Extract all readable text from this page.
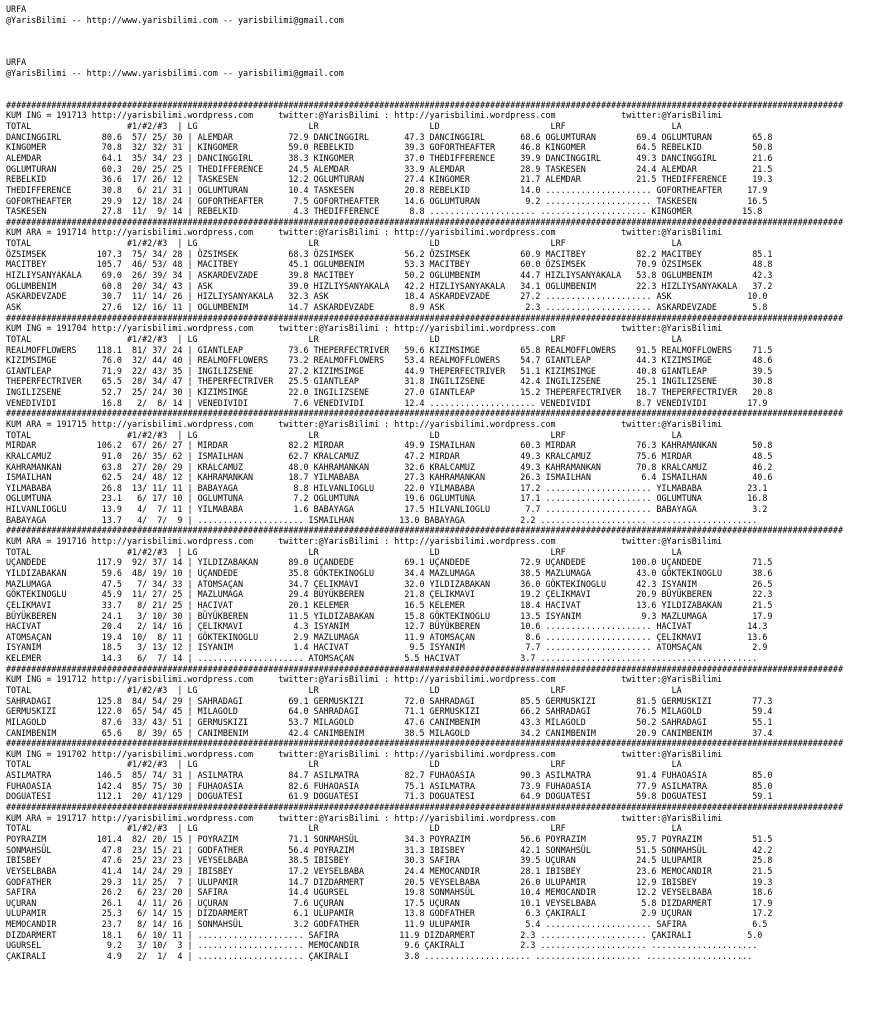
URFA
@YarisBilimi -- http://www.yarisbilimi.com -- yarisbilimi@gmail.com

URFA
@YarisBilimi -- http://www.yarisbilimi.com -- yarisbilimi@gmail.com

######################################################################################################################################################################
KUM ING = 191713 http://yarisbilimi.wordpress.com     twitter:@YarisBilimi : http://yarisbilimi.wordpress.com             twitter:@YarisBilimi
TOTAL                   #1/#2/#3  | LG                      LR                      LD                      LRF                     LA
DANCINGGIRL        80.6  57/ 25/ 30 | ALEMDAR           72.9 DANCINGGIRL       47.3 DANCINGGIRL       68.6 OGLUMTURAN        69.4 OGLUMTURAN        65.8
KINGOMER           70.8  32/ 32/ 31 | KINGOMER          59.0 REBELKID          39.3 GOFORTHEAFTER     46.8 KINGOMER          64.5 REBELKID          50.8
ALEMDAR            64.1  35/ 34/ 23 | DANCINGGIRL       38.3 KINGOMER          37.0 THEDIFFERENCE     39.9 DANCINGGIRL       49.3 DANCINGGIRL       21.6
OGLUMTURAN         60.3  20/ 25/ 25 | THEDIFFERENCE     24.5 ALEMDAR           33.9 ALEMDAR           28.9 TASKESEN          24.4 ALEMDAR           21.5
REBELKID           36.6  17/ 26/ 12 | TASKESEN          12.2 OGLUMTURAN        27.4 KINGOMER          21.7 ALEMDAR           21.5 THEDIFFERENCE     19.3
THEDIFFERENCE      30.8   6/ 21/ 31 | OGLUMTURAN        10.4 TASKESEN          20.8 REBELKID          14.0 ..................... GOFORTHEAFTER     17.9
GOFORTHEAFTER      29.9  12/ 18/ 24 | GOFORTHEAFTER      7.5 GOFORTHEAFTER     14.6 OGLUMTURAN         9.2 ..................... TASKESEN          16.5
TASKESEN           27.8  11/  9/ 14 | REBELKID           4.3 THEDIFFERENCE      8.8 ..................... ..................... KINGOMER          15.8
######################################################################################################################################################################
KUM ARA = 191714 http://yarisbilimi.wordpress.com     twitter:@YarisBilimi : http://yarisbilimi.wordpress.com             twitter:@YarisBilimi
TOTAL                   #1/#2/#3  | LG                      LR                      LD                      LRF                     LA
ÖZSIMSEK          107.3  75/ 34/ 28 | ÖZSIMSEK          68.3 ÖZSIMSEK          56.2 ÖZSIMSEK          60.9 MACITBEY          82.2 MACITBEY          85.1
MACITBEY          105.7  46/ 53/ 48 | MACITBEY          45.1 OGLUMBENIM        53.3 MACITBEY          60.0 ÖZSIMSEK          70.9 ÖZSIMSEK          48.8
HIZLIYSANYAKALA    69.0  26/ 39/ 34 | ASKARDEVZADE      39.8 MACITBEY          50.2 OGLUMBENIM        44.7 HIZLIYSANYAKALA   53.8 OGLUMBENIM        42.3
OGLUMBENIM         60.8  20/ 34/ 43 | ASK               39.0 HIZLIYSANYAKALA   42.2 HIZLIYSANYAKALA   34.1 OGLUMBENIM        22.3 HIZLIYSANYAKALA   37.2
ASKARDEVZADE       30.7  11/ 14/ 26 | HIZLIYSANYAKALA   32.3 ASK               18.4 ASKARDEVZADE      27.2 ..................... ASK               10.0
ASK                27.6  12/ 16/ 11 | OGLUMBENIM        14.7 ASKARDEVZADE       8.9 ASK                2.3 ..................... ASKARDEVZADE       5.8
######################################################################################################################################################################
KUM ING = 191704 http://yarisbilimi.wordpress.com     twitter:@YarisBilimi : http://yarisbilimi.wordpress.com             twitter:@YarisBilimi
TOTAL                   #1/#2/#3  | LG                      LR                      LD                      LRF                     LA
REALMOFFLOWERS    118.1  81/ 37/ 24 | GIANTLEAP         73.6 THEPERFECTRIVER   59.6 KIZIMSIMGE        65.8 REALMOFFLOWERS    91.5 REALMOFFLOWERS    71.5
KIZIMSIMGE         76.0  32/ 44/ 40 | REALMOFFLOWERS    73.2 REALMOFFLOWERS    53.4 REALMOFFLOWERS    54.7 GIANTLEAP         44.3 KIZIMSIMGE        48.6
GIANTLEAP          71.9  22/ 43/ 35 | INGILIZSENE       27.2 KIZIMSIMGE        44.9 THEPERFECTRIVER   51.1 KIZIMSIMGE        40.8 GIANTLEAP         39.5
THEPERFECTRIVER    65.5  28/ 34/ 47 | THEPERFECTRIVER   25.5 GIANTLEAP         31.8 INGILIZSENE       42.4 INGILIZSENE       25.1 INGILIZSENE       30.8
INGILIZSENE        52.7  25/ 24/ 30 | KIZIMSIMGE        22.0 INGILIZSENE       27.0 GIANTLEAP         15.2 THEPERFECTRIVER   18.7 THEPERFECTRIVER   20.8
VENEDIVIDI         16.8   2/  8/ 14 | VENEDIVIDI         7.6 VENEDIVIDI        12.4 ..................... VENEDIVIDI         8.7 VENEDIVIDI        17.9
######################################################################################################################################################################
KUM ARA = 191715 http://yarisbilimi.wordpress.com     twitter:@YarisBilimi : http://yarisbilimi.wordpress.com             twitter:@YarisBilimi
TOTAL                   #1/#2/#3  | LG                      LR                      LD                      LRF                     LA
MIRDAR            106.2  67/ 26/ 27 | MIRDAR            82.2 MIRDAR            49.9 ISMAILHAN         60.3 MIRDAR            76.3 KAHRAMANKAN       50.8
KRALCAMUZ          91.0  26/ 35/ 62 | ISMAILHAN         62.7 KRALCAMUZ         47.2 MIRDAR            49.3 KRALCAMUZ         75.6 MIRDAR            48.5
KAHRAMANKAN        63.8  27/ 20/ 29 | KRALCAMUZ         48.0 KAHRAMANKAN       32.6 KRALCAMUZ         49.3 KAHRAMANKAN       70.8 KRALCAMUZ         46.2
ISMAILHAN          62.5  24/ 48/ 12 | KAHRAMANKAN       18.7 YILMABABA         27.3 KAHRAMANKAN       26.3 ISMAILHAN          6.4 ISMAILHAN         40.6
YILMABABA          26.8  13/ 11/ 11 | BABAYAGA           8.8 HILVANLIOGLU      22.0 YILMABABA         17.2 ..................... YILMABABA         23.1
OGLUMTUNA          23.1   6/ 17/ 10 | OGLUMTUNA          7.2 OGLUMTUNA         19.6 OGLUMTUNA         17.1 ..................... OGLUMTUNA         16.8
HILVANLIOGLU       13.9   4/  7/ 11 | YILMABABA          1.6 BABAYAGA          17.5 HILVANLIOGLU       7.7 ..................... BABAYAGA           3.2
BABAYAGA           13.7   4/  7/  9 | ..................... ISMAILHAN         13.0 BABAYAGA           2.2 ..................... .....................
######################################################################################################################################################################
KUM ARA = 191716 http://yarisbilimi.wordpress.com     twitter:@YarisBilimi : http://yarisbilimi.wordpress.com             twitter:@YarisBilimi
TOTAL                   #1/#2/#3  | LG                      LR                      LD                      LRF                     LA
UÇANDEDE          117.9  92/ 37/ 14 | YILDIZABAKAN      89.0 UÇANDEDE          69.1 UÇANDEDE          72.9 UÇANDEDE         100.0 UÇANDEDE          71.5
YILDIZABAKAN       59.6  48/ 19/ 10 | UÇANDEDE          35.8 GÖKTEKINOGLU      34.4 MAZLUMAGA         38.5 MAZLUMAGA         43.0 GÖKTEKINOGLU      38.6
MAZLUMAGA          47.5   7/ 34/ 33 | ATOMSAÇAN         34.7 ÇELIKMAVI         32.0 YILDIZABAKAN      36.0 GÖKTEKINOGLU      42.3 ISYANIM           26.5
GÖKTEKINOGLU       45.9  11/ 27/ 25 | MAZLUMAGA         29.4 BÜYÜKBEREN        21.8 ÇELIKMAVI         19.2 ÇELIKMAVI         20.9 BÜYÜKBEREN        22.3
ÇELIKMAVI          33.7   8/ 21/ 25 | HACIVAT           20.1 KELEMER           16.5 KELEMER           18.4 HACIVAT           13.6 YILDIZABAKAN      21.5
BÜYÜKBEREN         24.1   3/ 10/ 30 | BÜYÜKBEREN        11.5 YILDIZABAKAN      15.8 GÖKTEKINOGLU      13.5 ISYANIM            9.3 MAZLUMAGA         17.9
HACIVAT            20.4   2/ 14/ 16 | ÇELIKMAVI          4.3 ISYANIM           12.7 BÜYÜKBEREN        10.6 ..................... HACIVAT           14.3
ATOMSAÇAN          19.4  10/  8/ 11 | GÖKTEKINOGLU       2.9 MAZLUMAGA         11.9 ATOMSAÇAN          8.6 ..................... ÇELIKMAVI         13.6
ISYANIM            18.5   3/ 13/ 12 | ISYANIM            1.4 HACIVAT            9.5 ISYANIM            7.7 ..................... ATOMSAÇAN          2.9
KELEMER            14.3   6/  7/ 14 | ..................... ATOMSAÇAN          5.5 HACIVAT            3.7 ..................... .....................
######################################################################################################################################################################
KUM ING = 191712 http://yarisbilimi.wordpress.com     twitter:@YarisBilimi : http://yarisbilimi.wordpress.com             twitter:@YarisBilimi
TOTAL                   #1/#2/#3  | LG                      LR                      LD                      LRF                     LA
SAHRADAGI         125.8  84/ 54/ 29 | SAHRADAGI         69.1 GERMUSKIZI        72.0 SAHRADAGI         85.5 GERMUSKIZI        81.5 GERMUSKIZI        77.3
GERMUSKIZI        122.0  65/ 54/ 45 | MILAGOLD          64.0 SAHRADAGI         71.1 GERMUSKIZI        66.2 SAHRADAGI         76.5 MILAGOLD          59.4
MILAGOLD           87.6  33/ 43/ 51 | GERMUSKIZI        53.7 MILAGOLD          47.6 CANIMBENIM        43.3 MILAGOLD          50.2 SAHRADAGI         55.1
CANIMBENIM         65.6   8/ 39/ 65 | CANIMBENIM        42.4 CANIMBENIM        38.5 MILAGOLD          34.2 CANIMBENIM        20.9 CANIMBENIM        37.4
######################################################################################################################################################################
KUM ING = 191702 http://yarisbilimi.wordpress.com     twitter:@YarisBilimi : http://yarisbilimi.wordpress.com             twitter:@YarisBilimi
TOTAL                   #1/#2/#3  | LG                      LR                      LD                      LRF                     LA
ASILMATRA         146.5  85/ 74/ 31 | ASILMATRA         84.7 ASILMATRA         82.7 FUHAOASIA         90.3 ASILMATRA         91.4 FUHAOASIA         85.0
FUHAOASIA         142.4  85/ 75/ 30 | FUHAOASIA         82.6 FUHAOASIA         75.1 ASILMATRA         73.9 FUHAOASIA         77.9 ASILMATRA         85.0
DOGUATESI         112.1  20/ 41/129 | DOGUATESI         61.9 DOGUATESI         71.3 DOGUATESI         64.9 DOGUATESI         59.8 DOGUATESI         59.1
######################################################################################################################################################################
KUM ARA = 191717 http://yarisbilimi.wordpress.com     twitter:@YarisBilimi : http://yarisbilimi.wordpress.com             twitter:@YarisBilimi
TOTAL                   #1/#2/#3  | LG                      LR                      LD                      LRF                     LA
POYRAZIM          101.4  82/ 20/ 15 | POYRAZIM          71.1 SONMAHSÜL         34.3 POYRAZIM          56.6 POYRAZIM          95.7 POYRAZIM          51.5
SONMAHSÜL          47.8  23/ 15/ 21 | GODFATHER         56.4 POYRAZIM          31.3 IBISBEY           42.1 SONMAHSÜL         51.5 SONMAHSÜL         42.2
IBISBEY            47.6  25/ 23/ 23 | VEYSELBABA        38.5 IBISBEY           30.3 SAFIRA            39.5 UÇURAN            24.5 ULUPAMIR          25.8
VEYSELBABA         41.4  14/ 24/ 29 | IBISBEY           17.2 VEYSELBABA        24.4 MEMOCANDIR        28.1 IBISBEY           23.6 MEMOCANDIR        21.5
GODFATHER          29.3  11/ 25/  7 | ULUPAMIR          14.7 DIZDARMERT        20.5 VEYSELBABA        26.0 ULUPAMIR          12.9 IBISBEY           19.3
SAFIRA             26.2   6/ 23/ 20 | SAFIRA            14.4 UGURSEL           19.8 SONMAHSÜL         10.4 MEMOCANDIR        12.2 VEYSELBABA        18.6
UÇURAN             26.1   4/ 11/ 26 | UÇURAN             7.6 UÇURAN            17.5 UÇURAN            10.1 VEYSELBABA         5.8 DIZDARMERT        17.9
ULUPAMIR           25.3   6/ 14/ 15 | DIZDARMERT         6.1 ULUPAMIR          13.8 GODFATHER          6.3 ÇAKIRALI           2.9 UÇURAN            17.2
MEMOCANDIR         23.7   8/ 14/ 16 | SONMAHSÜL          3.2 GODFATHER         11.9 ULUPAMIR           5.4 ..................... SAFIRA             6.5
DIZDARMERT         18.1   6/ 10/ 11 | ..................... SAFIRA            11.9 DIZDARMERT         2.3 ..................... ÇAKIRALI           5.0
UGURSEL             9.2   3/ 10/  3 | ..................... MEMOCANDIR         9.6 ÇAKIRALI           2.3 ..................... .....................
ÇAKIRALI            4.9   2/  1/  4 | ..................... ÇAKIRALI           3.8 ..................... ..................... .....................
